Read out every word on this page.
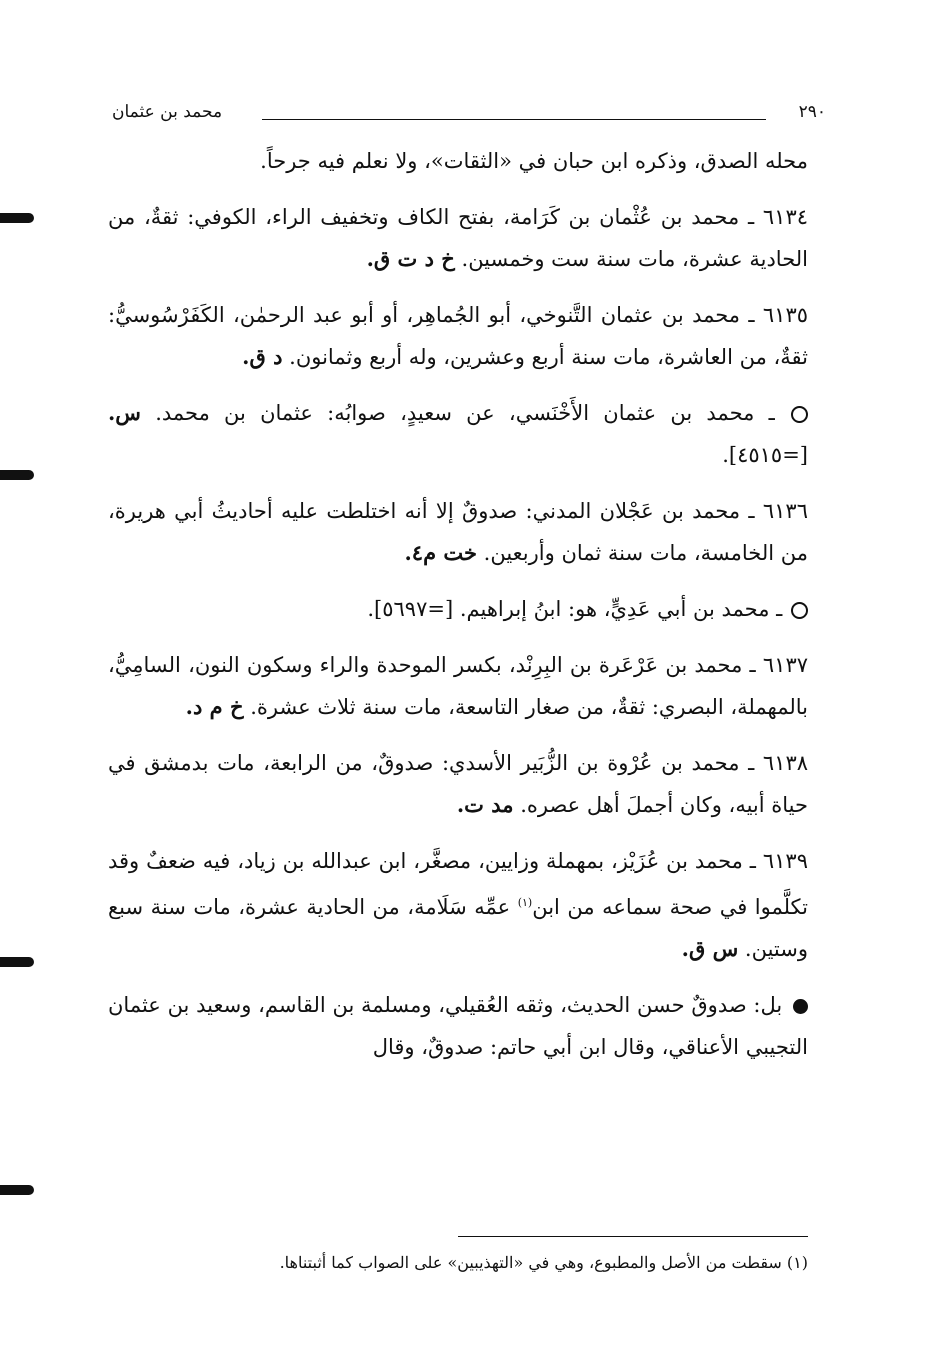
٢٩٠
محمد بن عثمان

محله الصدق، وذكره ابن حبان في «الثقات»، ولا نعلم فيه جرحاً.

٦١٣٤ ـ محمد بن عُثْمان بن كَرَامة، بفتح الكاف وتخفيف الراء، الكوفي: ثقةٌ، من الحادية عشرة، مات سنة ست وخمسين. خ د ت ق.

٦١٣٥ ـ محمد بن عثمان التَّنوخي، أبو الجُماهِر، أو أبو عبد الرحمٰن، الكَفَرْسُوسيُّ: ثقةٌ، من العاشرة، مات سنة أربع وعشرين، وله أربع وثمانون. د ق.

ـ محمد بن عثمان الأَخْنَسي، عن سعيدٍ، صوابُه: عثمان بن محمد. س. [=٤٥١٥].

٦١٣٦ ـ محمد بن عَجْلان المدني: صدوقٌ إلا أنه اختلطت عليه أحاديثُ أبي هريرة، من الخامسة، مات سنة ثمان وأربعين. خت م٤.

ـ محمد بن أبي عَدِيٍّ، هو: ابنُ إبراهيم. [=٥٦٩٧].

٦١٣٧ ـ محمد بن عَرْعَرة بن البِرِنْد، بكسر الموحدة والراء وسكون النون، السامِيُّ، بالمهملة، البصري: ثقةٌ، من صغار التاسعة، مات سنة ثلاث عشرة. خ م د.

٦١٣٨ ـ محمد بن عُرْوة بن الزُّبَير الأسدي: صدوقٌ، من الرابعة، مات بدمشق في حياة أبيه، وكان أجملَ أهل عصره. مد ت.

٦١٣٩ ـ محمد بن عُزَيْز، بمهملة وزايين، مصغَّر، ابن عبدالله بن زياد، فيه ضعفٌ وقد تكلَّموا في صحة سماعه من ابن$^{(١)}$ عمِّه سَلَامة، من الحادية عشرة، مات سنة سبع وستين. س ق.

بل: صدوقٌ حسن الحديث، وثقه العُقيلي، ومسلمة بن القاسم، وسعيد بن عثمان التجيبي الأعناقي، وقال ابن أبي حاتم: صدوقٌ، وقال

(١) سقطت من الأصل والمطبوع، وهي في «التهذيبين» على الصواب كما أثبتناها.
